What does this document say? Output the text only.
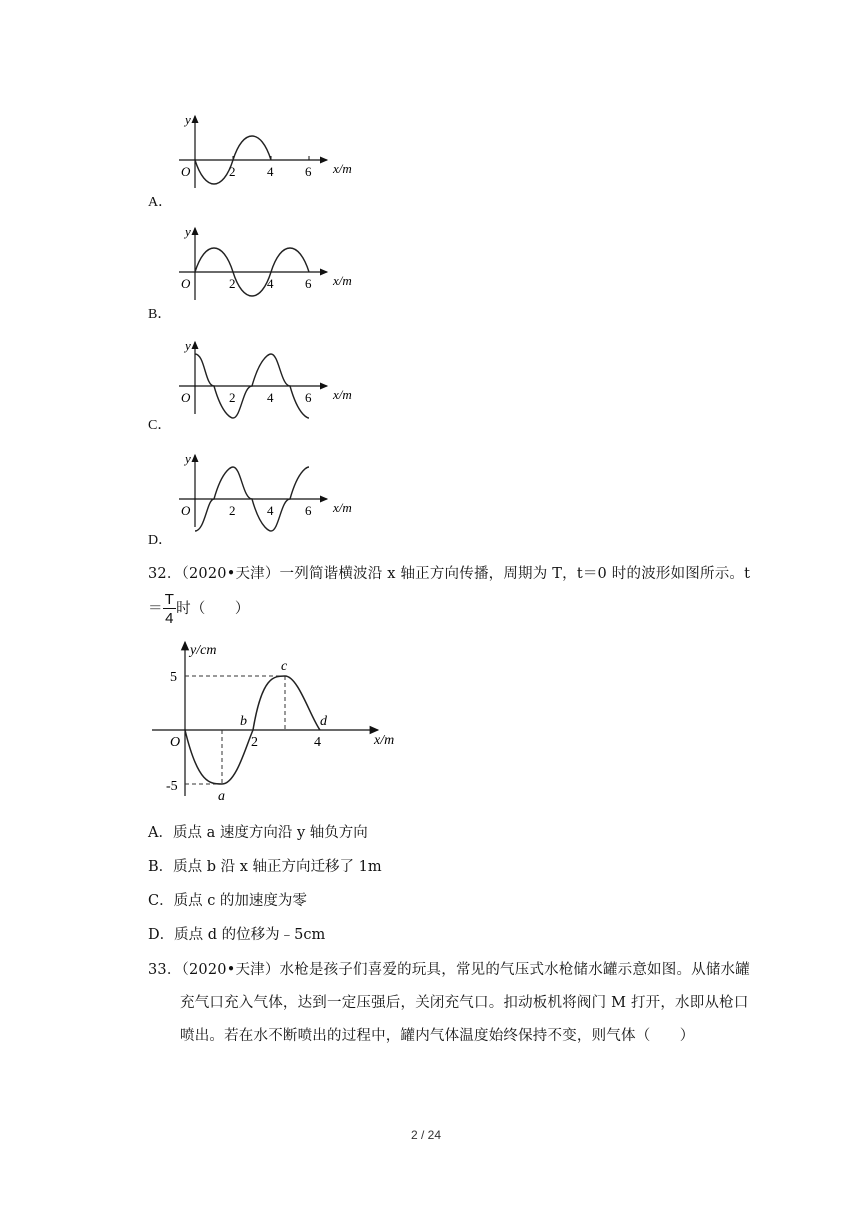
y
O	2 4 6 x/m
A．
y
O	2 4 6 x/m
B．
y
O	2 4 6 x/m
C．
y
O	2 4 6 x/m
D．
32．（2020•天津）一列简谐横波沿 x 轴正方向传播，周期为 T，t＝0 时的波形如图所示。t
＝ $\frac{T}{4}$ 时（　　）
y/cm
O	x/m
5
-5
2	4
a
b
c
d
A．质点 a 速度方向沿 y 轴负方向
B．质点 b 沿 x 轴正方向迁移了 1m
C．质点 c 的加速度为零
D．质点 d 的位移为﹣5cm
33．（2020•天津）水枪是孩子们喜爱的玩具，常见的气压式水枪储水罐示意如图。从储水罐
充气口充入气体，达到一定压强后，关闭充气口。扣动板机将阀门 M 打开，水即从枪口
喷出。若在水不断喷出的过程中，罐内气体温度始终保持不变，则气体（　　）
2 / 24
